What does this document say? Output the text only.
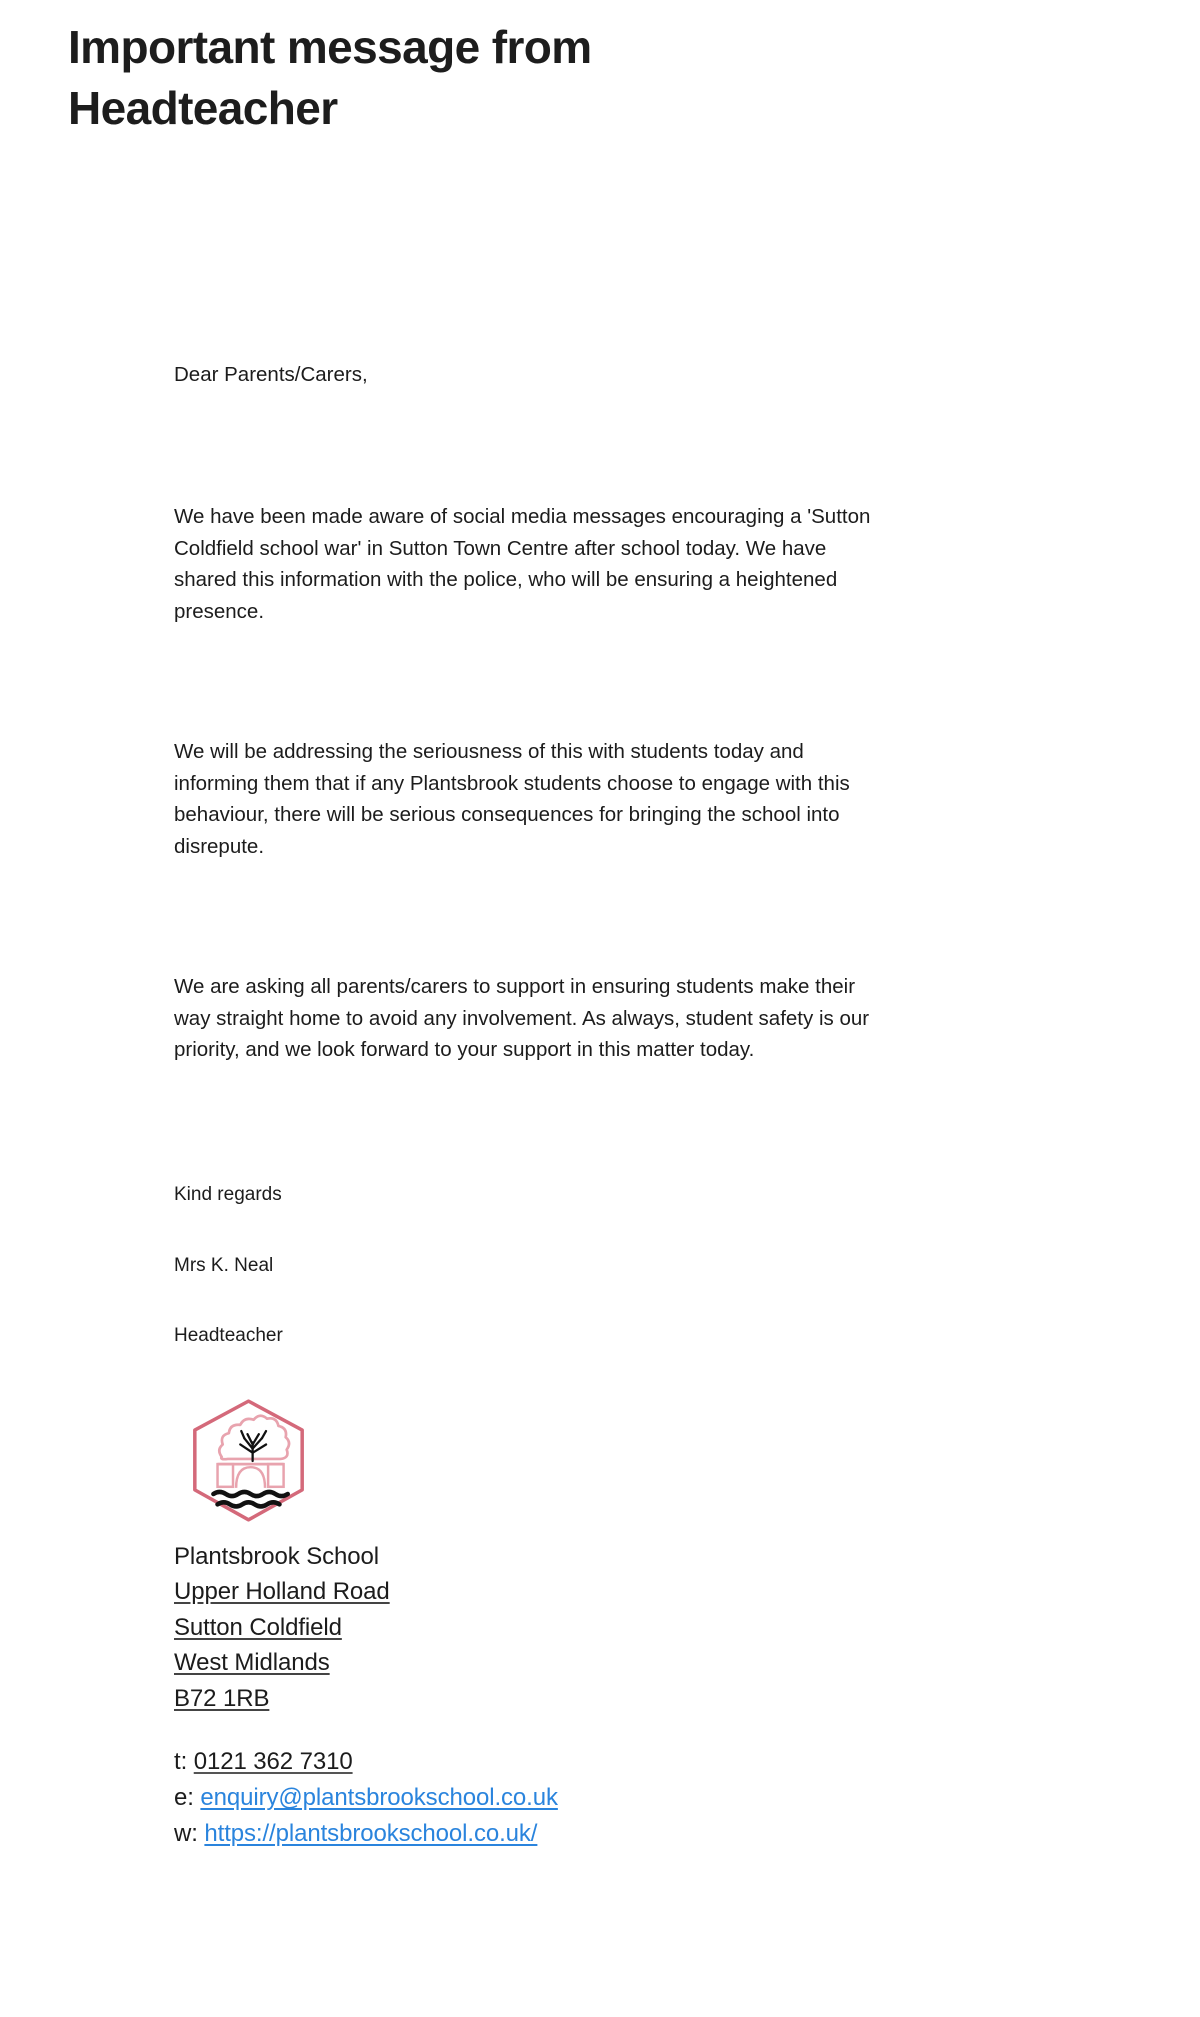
Important message from Headteacher

Dear Parents/Carers,

We have been made aware of social media messages encouraging a 'Sutton Coldfield school war' in Sutton Town Centre after school today. We have shared this information with the police, who will be ensuring a heightened presence.

We will be addressing the seriousness of this with students today and informing them that if any Plantsbrook students choose to engage with this behaviour, there will be serious consequences for bringing the school into disrepute.

We are asking all parents/carers to support in ensuring students make their way straight home to avoid any involvement. As always, student safety is our priority, and we look forward to your support in this matter today.

Kind regards

Mrs K. Neal

Headteacher

Plantsbrook School
Upper Holland Road
Sutton Coldfield
West Midlands
B72 1RB
t: 0121 362 7310
e: enquiry@plantsbrookschool.co.uk
w: https://plantsbrookschool.co.uk/
